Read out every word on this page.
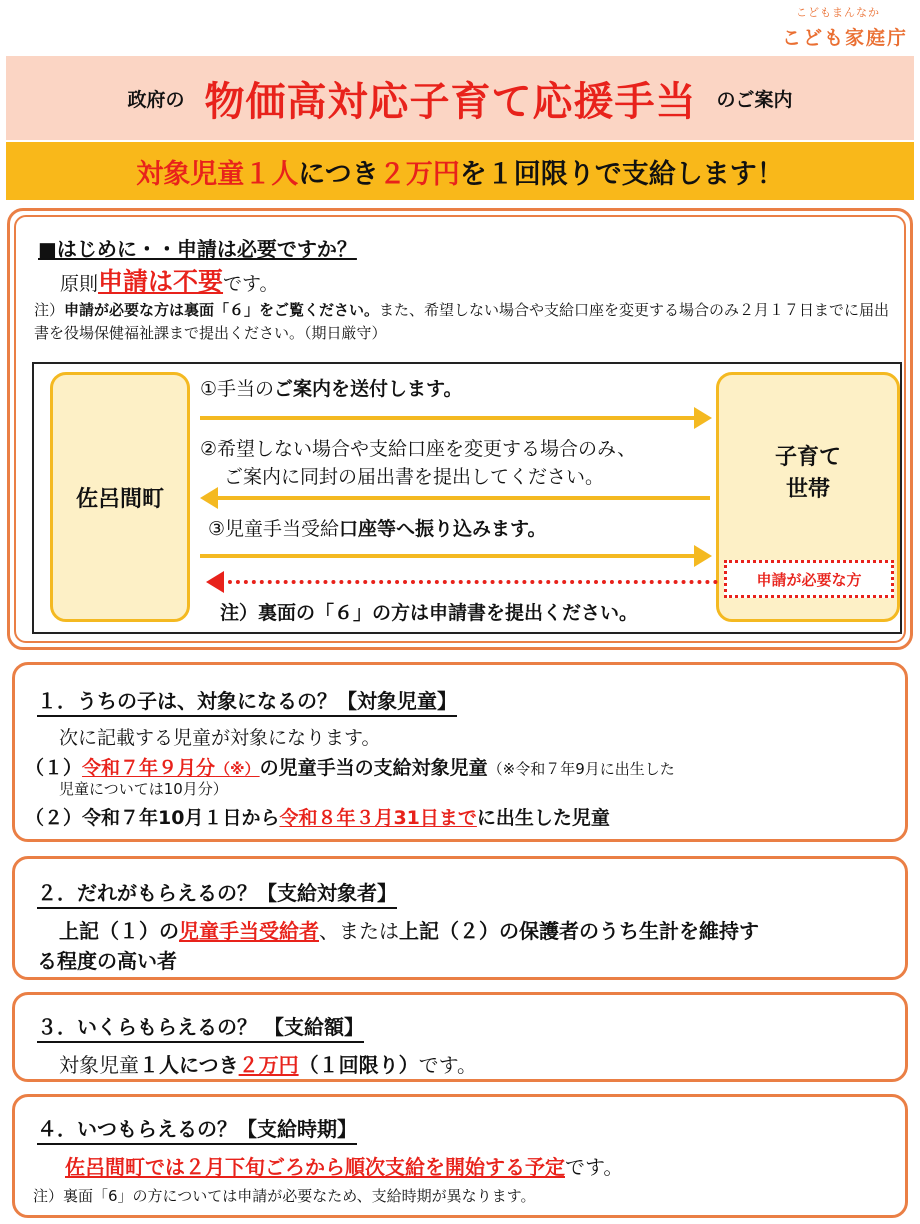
こどもまんなか
こども家庭庁
政府の 物価高対応子育て応援手当 のご案内
対象児童 １人 につき ２万円 を１回限りで支給します！
■はじめに・・申請は必要ですか？
原則申請は不要です。
注）申請が必要な方は裏面「６」をご覧ください。また、希望しない場合や支給口座を変更する場合のみ２月１７日までに届出書を役場保健福祉課まで提出ください。（期日厳守）
佐呂間町
子育て
世帯
申請が必要な方
①手当のご案内を送付します。
②希望しない場合や支給口座を変更する場合のみ、
ご案内に同封の届出書を提出してください。
③児童手当受給口座等へ振り込みます。
注）裏面の「６」の方は申請書を提出ください。
１．うちの子は、対象になるの？【対象児童】
次に記載する児童が対象になります。
（１）令和７年９月分（※）の児童手当の支給対象児童（※令和７年9月に出生した
児童については10月分）
（２）令和７年10月１日から令和８年３月31日までに出生した児童
２．だれがもらえるの？【支給対象者】
上記（１）の児童手当受給者、または上記（２）の保護者のうち生計を維持す
る程度の高い者
３．いくらもらえるの？ 【支給額】
対象児童１人につき２万円（１回限り）です。
４．いつもらえるの？【支給時期】
佐呂間町では２月下旬ごろから順次支給を開始する予定です。
注）裏面「6」の方については申請が必要なため、支給時期が異なります。
